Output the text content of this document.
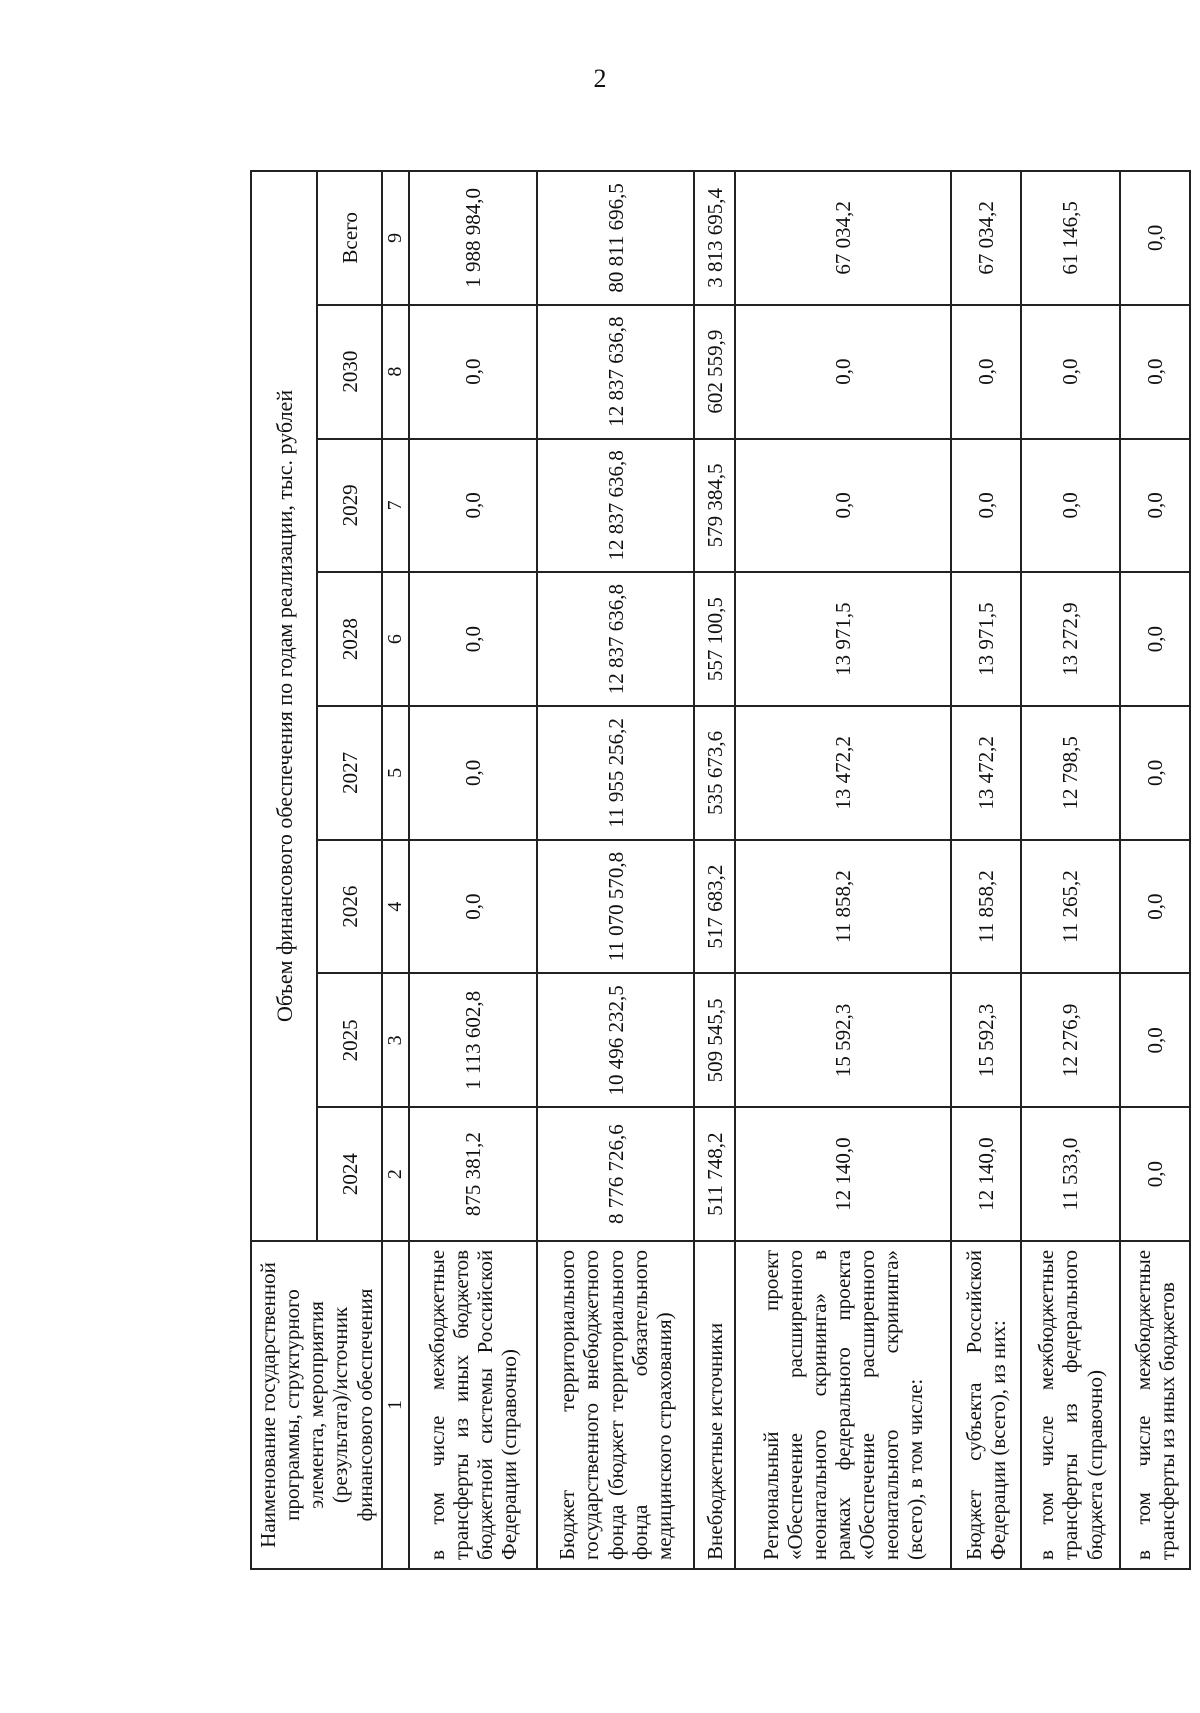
2
Наименование государственной программы, структурного элемента, мероприятия (результата)/источник финансового обеспечения	Объем финансового обеспечения по годам реализации, тыс. рублей							
	2024	2025	2026	2027	2028	2029	2030	Всего
1	2	3	4	5	6	7	8	9
в том числе межбюджетные трансферты из иных бюджетов бюджетной системы Российской Федерации (справочно)	875 381,2	1 113 602,8	0,0	0,0	0,0	0,0	0,0	1 988 984,0
Бюджет территориального государственного внебюджетного фонда (бюджет территориального фонда обязательного медицинского страхования)	8 776 726,6	10 496 232,5	11 070 570,8	11 955 256,2	12 837 636,8	12 837 636,8	12 837 636,8	80 811 696,5
Внебюджетные источники	511 748,2	509 545,5	517 683,2	535 673,6	557 100,5	579 384,5	602 559,9	3 813 695,4
Региональный проект «Обеспечение расширенного неонатального скрининга» в рамках федерального проекта «Обеспечение расширенного неонатального скрининга» (всего), в том числе:	12 140,0	15 592,3	11 858,2	13 472,2	13 971,5	0,0	0,0	67 034,2
Бюджет субъекта Российской Федерации (всего), из них:	12 140,0	15 592,3	11 858,2	13 472,2	13 971,5	0,0	0,0	67 034,2
в том числе межбюджетные трансферты из федерального бюджета (справочно)	11 533,0	12 276,9	11 265,2	12 798,5	13 272,9	0,0	0,0	61 146,5
в том числе межбюджетные трансферты из иных бюджетов	0,0	0,0	0,0	0,0	0,0	0,0	0,0	0,0
